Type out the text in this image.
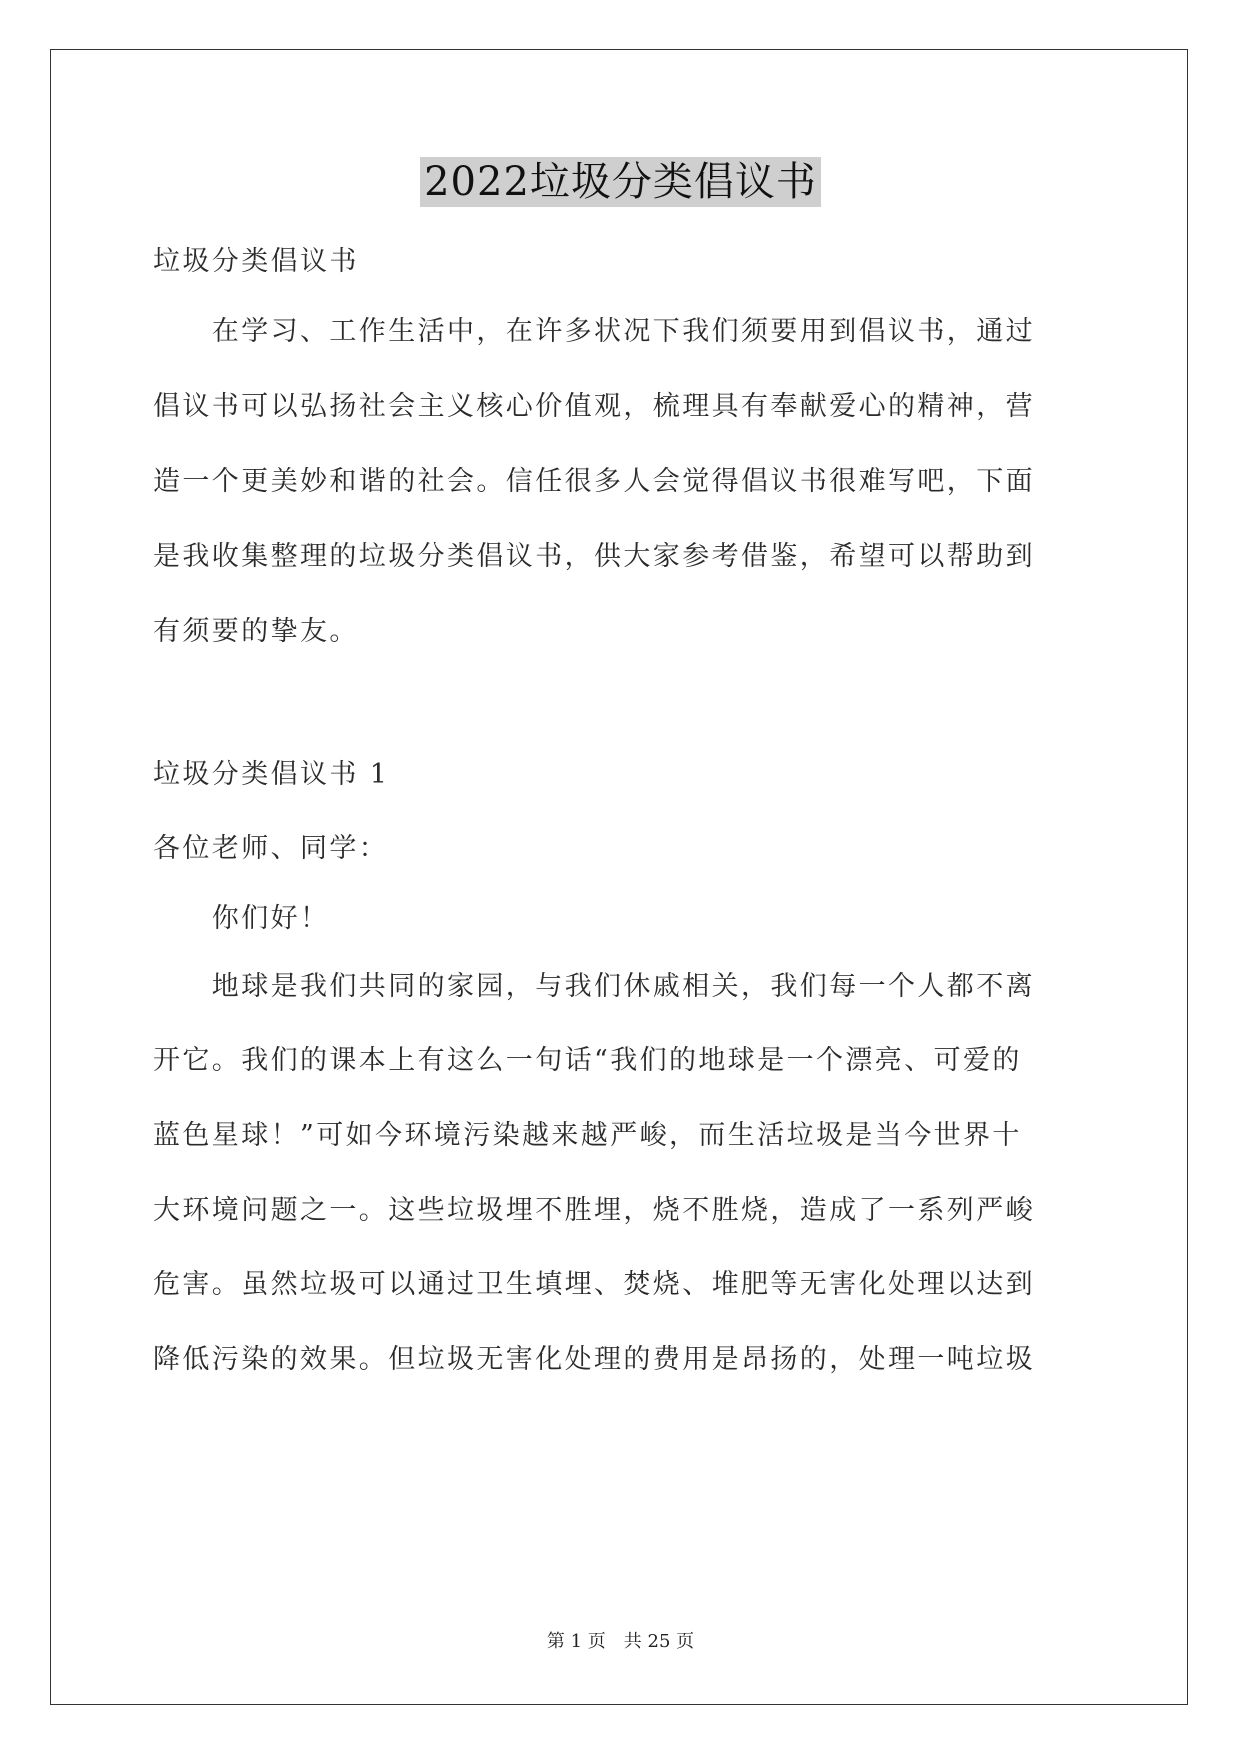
2022垃圾分类倡议书
垃圾分类倡议书
　　在学习、工作生活中，在许多状况下我们须要用到倡议书，通过
倡议书可以弘扬社会主义核心价值观，梳理具有奉献爱心的精神，营
造一个更美妙和谐的社会。信任很多人会觉得倡议书很难写吧，下面
是我收集整理的垃圾分类倡议书，供大家参考借鉴，希望可以帮助到
有须要的挚友。
垃圾分类倡议书 1
各位老师、同学：
　　你们好！
　　地球是我们共同的家园，与我们休戚相关，我们每一个人都不离
开它。我们的课本上有这么一句话“我们的地球是一个漂亮、可爱的
蓝色星球！”可如今环境污染越来越严峻，而生活垃圾是当今世界十
大环境问题之一。这些垃圾埋不胜埋，烧不胜烧，造成了一系列严峻
危害。虽然垃圾可以通过卫生填埋、焚烧、堆肥等无害化处理以达到
降低污染的效果。但垃圾无害化处理的费用是昂扬的，处理一吨垃圾
第 1 页　共 25 页
